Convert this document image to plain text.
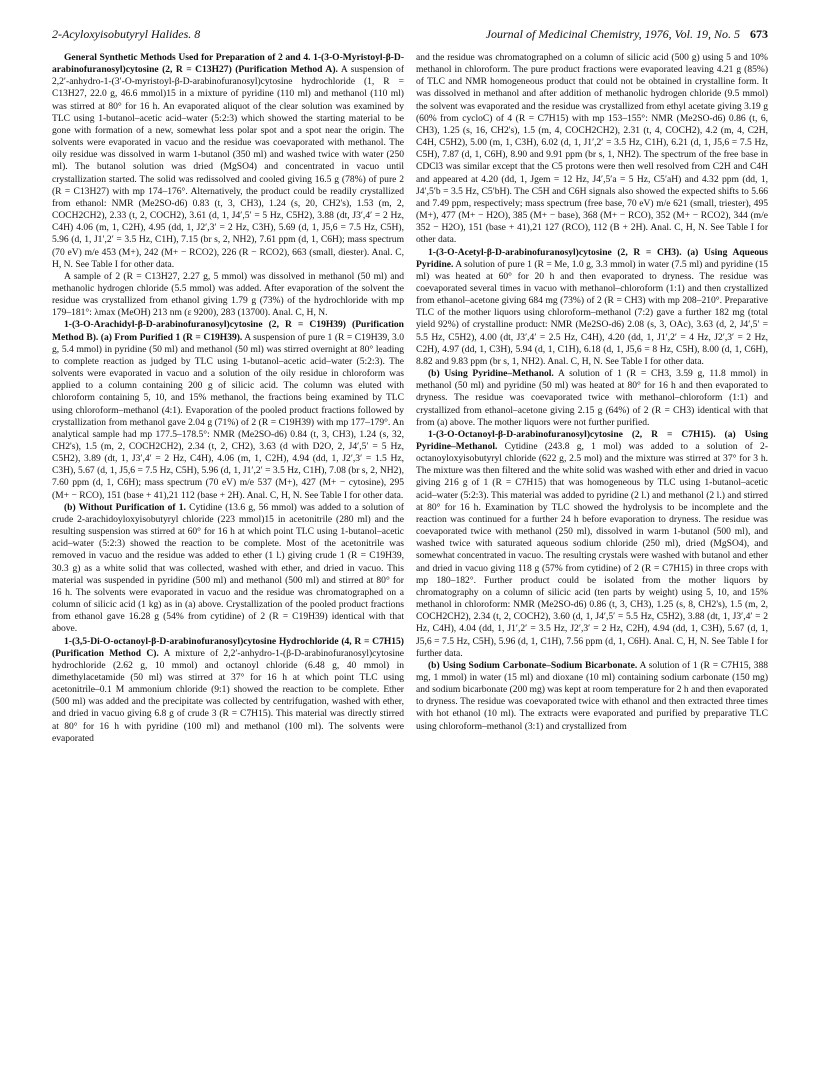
2-Acyloxyisobutyryl Halides. 8	Journal of Medicinal Chemistry, 1976, Vol. 19, No. 5 673

General Synthetic Methods Used for Preparation of 2 and 4. 1-(3-O-Myristoyl-β-D-arabinofuranosyl)cytosine (2, R = C13H27) (Purification Method A). A suspension of 2,2′-anhydro-1-(3′-O-myristoyl-β-D-arabinofuranosyl)cytosine hydrochloride (1, R = C13H27, 22.0 g, 46.6 mmol)15 in a mixture of pyridine (110 ml) and methanol (110 ml) was stirred at 80° for 16 h. An evaporated aliquot of the clear solution was examined by TLC using 1-butanol–acetic acid–water (5:2:3) which showed the starting material to be gone with formation of a new, somewhat less polar spot and a spot near the origin. The solvents were evaporated in vacuo and the residue was coevaporated with methanol. The oily residue was dissolved in warm 1-butanol (350 ml) and washed twice with water (250 ml). The butanol solution was dried (MgSO4) and concentrated in vacuo until crystallization started. The solid was redissolved and cooled giving 16.5 g (78%) of pure 2 (R = C13H27) with mp 174–176°. Alternatively, the product could be readily crystallized from ethanol: NMR (Me2SO-d6) 0.83 (t, 3, CH3), 1.24 (s, 20, CH2's), 1.53 (m, 2, COCH2CH2), 2.33 (t, 2, COCH2), 3.61 (d, 1, J4′,5′ = 5 Hz, C5H2), 3.88 (dt, J3′,4′ = 2 Hz, C4H) 4.06 (m, 1, C2H), 4.95 (dd, 1, J2′,3′ = 2 Hz, C3H), 5.69 (d, 1, J5,6 = 7.5 Hz, C5H), 5.96 (d, 1, J1′,2′ = 3.5 Hz, C1H), 7.15 (br s, 2, NH2), 7.61 ppm (d, 1, C6H); mass spectrum (70 eV) m/e 453 (M+), 242 (M+ − RCO2), 226 (R − RCO2), 663 (small, diester). Anal. C, H, N. See Table I for other data.

A sample of 2 (R = C13H27, 2.27 g, 5 mmol) was dissolved in methanol (50 ml) and methanolic hydrogen chloride (5.5 mmol) was added. After evaporation of the solvent the residue was crystallized from ethanol giving 1.79 g (73%) of the hydrochloride with mp 179–181°: λmax (MeOH) 213 nm (ε 9200), 283 (13700). Anal. C, H, N.

1-(3-O-Arachidyl-β-D-arabinofuranosyl)cytosine (2, R = C19H39) (Purification Method B). (a) From Purified 1 (R = C19H39). A suspension of pure 1 (R = C19H39, 3.0 g, 5.4 mmol) in pyridine (50 ml) and methanol (50 ml) was stirred overnight at 80° leading to complete reaction as judged by TLC using 1-butanol–acetic acid–water (5:2:3). The solvents were evaporated in vacuo and a solution of the oily residue in chloroform was applied to a column containing 200 g of silicic acid. The column was eluted with chloroform containing 5, 10, and 15% methanol, the fractions being examined by TLC using chloroform–methanol (4:1). Evaporation of the pooled product fractions followed by crystallization from methanol gave 2.04 g (71%) of 2 (R = C19H39) with mp 177–179°. An analytical sample had mp 177.5–178.5°: NMR (Me2SO-d6) 0.84 (t, 3, CH3), 1.24 (s, 32, CH2's), 1.5 (m, 2, COCH2CH2), 2.34 (t, 2, CH2), 3.63 (d with D2O, 2, J4′,5′ = 5 Hz, C5H2), 3.89 (dt, 1, J3′,4′ = 2 Hz, C4H), 4.06 (m, 1, C2H), 4.94 (dd, 1, J2′,3′ = 1.5 Hz, C3H), 5.67 (d, 1, J5,6 = 7.5 Hz, C5H), 5.96 (d, 1, J1′,2′ = 3.5 Hz, C1H), 7.08 (br s, 2, NH2), 7.60 ppm (d, 1, C6H); mass spectrum (70 eV) m/e 537 (M+), 427 (M+ − cytosine), 295 (M+ − RCO), 151 (base + 41),21 112 (base + 2H). Anal. C, H, N. See Table I for other data.

(b) Without Purification of 1. Cytidine (13.6 g, 56 mmol) was added to a solution of crude 2-arachidoyloxyisobutyryl chloride (223 mmol)15 in acetonitrile (280 ml) and the resulting suspension was stirred at 60° for 16 h at which point TLC using 1-butanol–acetic acid–water (5:2:3) showed the reaction to be complete. Most of the acetonitrile was removed in vacuo and the residue was added to ether (1 l.) giving crude 1 (R = C19H39, 30.3 g) as a white solid that was collected, washed with ether, and dried in vacuo. This material was suspended in pyridine (500 ml) and methanol (500 ml) and stirred at 80° for 16 h. The solvents were evaporated in vacuo and the residue was chromatographed on a column of silicic acid (1 kg) as in (a) above. Crystallization of the pooled product fractions from ethanol gave 16.28 g (54% from cytidine) of 2 (R = C19H39) identical with that above.

1-(3,5-Di-O-octanoyl-β-D-arabinofuranosyl)cytosine Hydrochloride (4, R = C7H15) (Purification Method C). A mixture of 2,2′-anhydro-1-(β-D-arabinofuranosyl)cytosine hydrochloride (2.62 g, 10 mmol) and octanoyl chloride (6.48 g, 40 mmol) in dimethylacetamide (50 ml) was stirred at 37° for 16 h at which point TLC using acetonitrile–0.1 M ammonium chloride (9:1) showed the reaction to be complete. Ether (500 ml) was added and the precipitate was collected by centrifugation, washed with ether, and dried in vacuo giving 6.8 g of crude 3 (R = C7H15). This material was directly stirred at 80° for 16 h with pyridine (100 ml) and methanol (100 ml). The solvents were evaporated

and the residue was chromatographed on a column of silicic acid (500 g) using 5 and 10% methanol in chloroform. The pure product fractions were evaporated leaving 4.21 g (85%) of TLC and NMR homogeneous product that could not be obtained in crystalline form. It was dissolved in methanol and after addition of methanolic hydrogen chloride (9.5 mmol) the solvent was evaporated and the residue was crystallized from ethyl acetate giving 3.19 g (60% from cycloC) of 4 (R = C7H15) with mp 153–155°: NMR (Me2SO-d6) 0.86 (t, 6, CH3), 1.25 (s, 16, CH2's), 1.5 (m, 4, COCH2CH2), 2.31 (t, 4, COCH2), 4.2 (m, 4, C2H, C4H, C5H2), 5.00 (m, 1, C3H), 6.02 (d, 1, J1′,2′ = 3.5 Hz, C1H), 6.21 (d, 1, J5,6 = 7.5 Hz, C5H), 7.87 (d, 1, C6H), 8.90 and 9.91 ppm (br s, 1, NH2). The spectrum of the free base in CDCl3 was similar except that the C5 protons were then well resolved from C2H and C4H and appeared at 4.20 (dd, 1, Jgem = 12 Hz, J4′,5′a = 5 Hz, C5′aH) and 4.32 ppm (dd, 1, J4′,5′b = 3.5 Hz, C5′bH). The C5H and C6H signals also showed the expected shifts to 5.66 and 7.49 ppm, respectively; mass spectrum (free base, 70 eV) m/e 621 (small, triester), 495 (M+), 477 (M+ − H2O), 385 (M+ − base), 368 (M+ − RCO), 352 (M+ − RCO2), 344 (m/e 352 − H2O), 151 (base + 41),21 127 (RCO), 112 (B + 2H). Anal. C, H, N. See Table I for other data.

1-(3-O-Acetyl-β-D-arabinofuranosyl)cytosine (2, R = CH3). (a) Using Aqueous Pyridine. A solution of pure 1 (R = Me, 1.0 g, 3.3 mmol) in water (7.5 ml) and pyridine (15 ml) was heated at 60° for 20 h and then evaporated to dryness. The residue was coevaporated several times in vacuo with methanol–chloroform (1:1) and then crystallized from ethanol–acetone giving 684 mg (73%) of 2 (R = CH3) with mp 208–210°. Preparative TLC of the mother liquors using chloroform–methanol (7:2) gave a further 182 mg (total yield 92%) of crystalline product: NMR (Me2SO-d6) 2.08 (s, 3, OAc), 3.63 (d, 2, J4′,5′ = 5.5 Hz, C5H2), 4.00 (dt, J3′,4′ = 2.5 Hz, C4H), 4.20 (dd, 1, J1′,2′ = 4 Hz, J2′,3′ = 2 Hz, C2H), 4.97 (dd, 1, C3H), 5.94 (d, 1, C1H), 6.18 (d, 1, J5,6 = 8 Hz, C5H), 8.00 (d, 1, C6H), 8.82 and 9.83 ppm (br s, 1, NH2). Anal. C, H, N. See Table I for other data.

(b) Using Pyridine–Methanol. A solution of 1 (R = CH3, 3.59 g, 11.8 mmol) in methanol (50 ml) and pyridine (50 ml) was heated at 80° for 16 h and then evaporated to dryness. The residue was coevaporated twice with methanol–chloroform (1:1) and crystallized from ethanol–acetone giving 2.15 g (64%) of 2 (R = CH3) identical with that from (a) above. The mother liquors were not further purified.

1-(3-O-Octanoyl-β-D-arabinofuranosyl)cytosine (2, R = C7H15). (a) Using Pyridine–Methanol. Cytidine (243.8 g, 1 mol) was added to a solution of 2-octanoyloxyisobutyryl chloride (622 g, 2.5 mol) and the mixture was stirred at 37° for 3 h. The mixture was then filtered and the white solid was washed with ether and dried in vacuo giving 216 g of 1 (R = C7H15) that was homogeneous by TLC using 1-butanol–acetic acid–water (5:2:3). This material was added to pyridine (2 l.) and methanol (2 l.) and stirred at 80° for 16 h. Examination by TLC showed the hydrolysis to be incomplete and the reaction was continued for a further 24 h before evaporation to dryness. The residue was coevaporated twice with methanol (250 ml), dissolved in warm 1-butanol (500 ml), and washed twice with saturated aqueous sodium chloride (250 ml), dried (MgSO4), and somewhat concentrated in vacuo. The resulting crystals were washed with butanol and ether and dried in vacuo giving 118 g (57% from cytidine) of 2 (R = C7H15) in three crops with mp 180–182°. Further product could be isolated from the mother liquors by chromatography on a column of silicic acid (ten parts by weight) using 5, 10, and 15% methanol in chloroform: NMR (Me2SO-d6) 0.86 (t, 3, CH3), 1.25 (s, 8, CH2's), 1.5 (m, 2, COCH2CH2), 2.34 (t, 2, COCH2), 3.60 (d, 1, J4′,5′ = 5.5 Hz, C5H2), 3.88 (dt, 1, J3′,4′ = 2 Hz, C4H), 4.04 (dd, 1, J1′,2′ = 3.5 Hz, J2′,3′ = 2 Hz, C2H), 4.94 (dd, 1, C3H), 5.67 (d, 1, J5,6 = 7.5 Hz, C5H), 5.96 (d, 1, C1H), 7.56 ppm (d, 1, C6H). Anal. C, H, N. See Table I for further data.

(b) Using Sodium Carbonate–Sodium Bicarbonate. A solution of 1 (R = C7H15, 388 mg, 1 mmol) in water (15 ml) and dioxane (10 ml) containing sodium carbonate (150 mg) and sodium bicarbonate (200 mg) was kept at room temperature for 2 h and then evaporated to dryness. The residue was coevaporated twice with ethanol and then extracted three times with hot ethanol (10 ml). The extracts were evaporated and purified by preparative TLC using chloroform–methanol (3:1) and crystallized from
